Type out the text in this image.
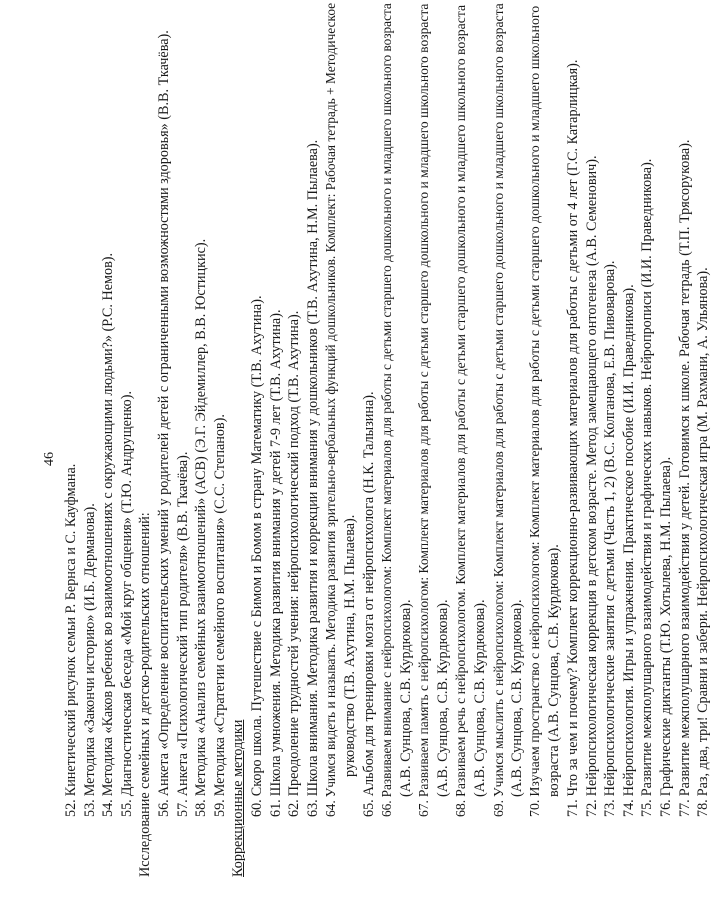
46
52.Кинетический рисунок семьи Р. Бернса и С. Кауфмана.
53.Методика «Закончи историю» (И.Б. Дерманова).
54.Методика «Каков ребенок во взаимоотношениях с окружающими людьми?» (Р.С. Немов).
55.Диагностическая беседа «Мой круг общения» (Т.Ю. Андрущенко). Исследование семейных и детско-родительских отношений: 56.Анкета «Определение воспитательских умений у родителей детей с ограниченными возможностями здоровья» (В.В. Ткачёва).
57.Анкета «Психологический тип родителя» (В.В. Ткачёва).
58.Методика «Анализ семейных взаимоотношений» (АСВ) (Э.Г. Эйдемиллер, В.В. Юстицкис).
59.Методика «Стратегии семейного воспитания» (С.С. Степанов).
Коррекционные методики 60.Скоро школа. Путешествие с Бимом и Бомом в страну Математику (Т.В. Ахутина).
61.Школа умножения. Методика развития внимания у детей 7-9 лет (Т.В. Ахутина).
62.Преодоление трудностей учения: нейропсихологический подход (Т.В. Ахутина).
63.Школа внимания. Методика развития и коррекции внимания у дошкольников (Т.В. Ахутина, Н.М. Пылаева).
64.Учимся видеть и называть. Методика развития зрительно-вербальных функций дошкольников. Комплект: Рабочая тетрадь + Методическое руководство (Т.В. Ахутина, Н.М. Пылаева).
65.Альбом для тренировки мозга от нейропсихолога (Н.К. Талызина).
66.Развиваем внимание с нейропсихологом: Комплект материалов для работы с детьми старшего дошкольного и младшего школьного возраста (А.В. Сунцова, С.В. Курдюкова).
67.Развиваем память с нейропсихологом: Комплект материалов для работы с детьми старшего дошкольного и младшего школьного возраста (А.В. Сунцова, С.В. Курдюкова).
68.Развиваем речь с нейропсихологом. Комплект материалов для работы с детьми старшего дошкольного и младшего школьного возраста (А.В. Сунцова, С.В. Курдюкова).
69.Учимся мыслить с нейропсихологом: Комплект материалов для работы с детьми старшего дошкольного и младшего школьного возраста (А.В. Сунцова, С.В. Курдюкова).
70.Изучаем пространство с нейропсихологом: Комплект материалов для работы с детьми старшего дошкольного и младшего школьного возраста (А.В. Сунцова, С.В. Курдюкова).
71.Что за чем и почему? Комплект коррекционно-развивающих материалов для работы с детьми от 4 лет (Г.С. Катарлицкая).
72.Нейропсихологическая коррекция в детском возрасте. Метод замещающего онтогенеза (А.В. Семенович).
73.Нейропсихологические занятия с детьми (Часть 1, 2) (В.С. Колганова, Е.В. Пивоварова).
74.Нейропсихология. Игры и упражнения. Практическое пособие (И.И. Праведникова).
75.Развитие межполушарного взаимодействия и графических навыков. Нейропрописи (И.И. Праведникова).
76.Графические диктанты (Т.Ю. Хотылева, Н.М. Пылаева).
77.Развитие межполушарного взаимодействия у детей. Готовимся к школе. Рабочая тетрадь (Т.П. Трясорукова).
78.Раз, два, три! Сравни и забери. Нейропсихологическая игра (М. Рахмани, А. Ульянова).
